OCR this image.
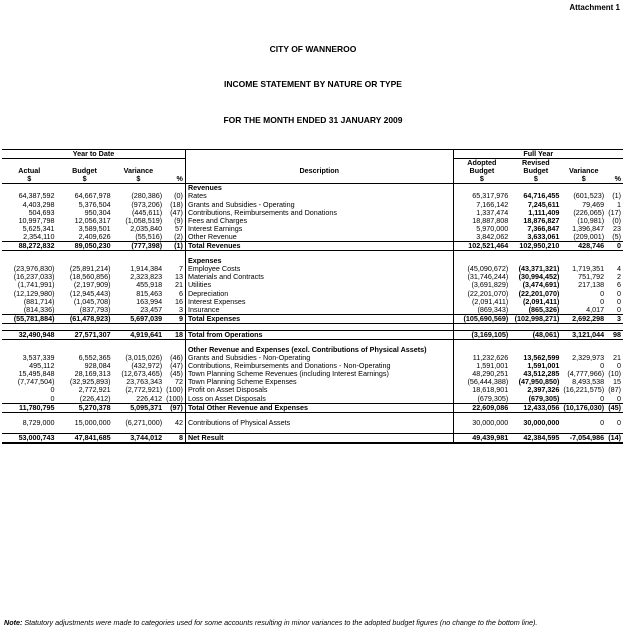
Attachment 1
CITY OF WANNEROO
INCOME STATEMENT BY NATURE OR TYPE
FOR THE MONTH ENDED 31 JANUARY 2009
Year to Date					Full Year			
					Adopted	Revised		
Actual	Budget	Variance		Description	Budget	Budget	Variance	
$	$	$	%		$	$	$	%
				Revenues				
64,387,592	64,667,978	(280,386)	(0)	Rates	65,317,976	64,716,455	(601,523)	(1)
4,403,298	5,376,504	(973,206)	(18)	Grants and Subsidies - Operating	7,166,142	7,245,611	79,469	1
504,693	950,304	(445,611)	(47)	Contributions, Reimbursements and Donations	1,337,474	1,111,409	(226,065)	(17)
10,997,798	12,056,317	(1,058,519)	(9)	Fees and Charges	18,887,808	18,876,827	(10,981)	(0)
5,625,341	3,589,501	2,035,840	57	Interest Earnings	5,970,000	7,366,847	1,396,847	23
2,354,110	2,409,626	(55,516)	(2)	Other Revenue	3,842,062	3,633,061	(209,001)	(5)
88,272,832	89,050,230	(777,398)	(1)	Total Revenues	102,521,464	102,950,210	428,746	0

				Expenses				
(23,976,830)	(25,891,214)	1,914,384	7	Employee Costs	(45,090,672)	(43,371,321)	1,719,351	4
(16,237,033)	(18,560,856)	2,323,823	13	Materials and Contracts	(31,746,244)	(30,994,452)	751,792	2
(1,741,991)	(2,197,909)	455,918	21	Utilities	(3,691,829)	(3,474,691)	217,138	6
(12,129,980)	(12,945,443)	815,463	6	Depreciation	(22,201,070)	(22,201,070)	0	0
(881,714)	(1,045,708)	163,994	16	Interest Expenses	(2,091,411)	(2,091,411)	0	0
(814,336)	(837,793)	23,457	3	Insurance	(869,343)	(865,326)	4,017	0
(55,781,884)	(61,478,923)	5,697,039	9	Total Expenses	(105,690,569)	(102,998,271)	2,692,298	3

32,490,948	27,571,307	4,919,641	18	Total from Operations	(3,169,105)	(48,061)	3,121,044	98

				Other Revenue and Expenses (excl. Contributions of Physical Assets)				
3,537,339	6,552,365	(3,015,026)	(46)	Grants and Subsidies - Non-Operating	11,232,626	13,562,599	2,329,973	21
495,112	928,084	(432,972)	(47)	Contributions, Reimbursements and Donations - Non-Operating	1,591,001	1,591,001	0	0
15,495,848	28,169,313	(12,673,465)	(45)	Town Planning Scheme Revenues (including Interest Earnings)	48,290,251	43,512,285	(4,777,966)	(10)
(7,747,504)	(32,925,893)	23,763,343	72	Town Planning Scheme Expenses	(56,444,388)	(47,950,850)	8,493,538	15
0	2,772,921	(2,772,921)	(100)	Profit on Asset Disposals	18,618,901	2,397,326	(16,221,575)	(87)
0	(226,412)	226,412	(100)	Loss on Asset Disposals	(679,305)	(679,305)	0	0
11,780,795	5,270,378	5,095,371	(97)	Total Other Revenue and Expenses	22,609,086	12,433,056	(10,176,030)	(45)

8,729,000	15,000,000	(6,271,000)	42	Contributions of Physical Assets	30,000,000	30,000,000	0	0

53,000,743	47,841,685	3,744,012	8	Net Result	49,439,981	42,384,595	-7,054,986	(14)
Note: Statutory adjustments were made to categories used for some accounts resulting in minor variances to the adopted budget figures (no change to the bottom line).
